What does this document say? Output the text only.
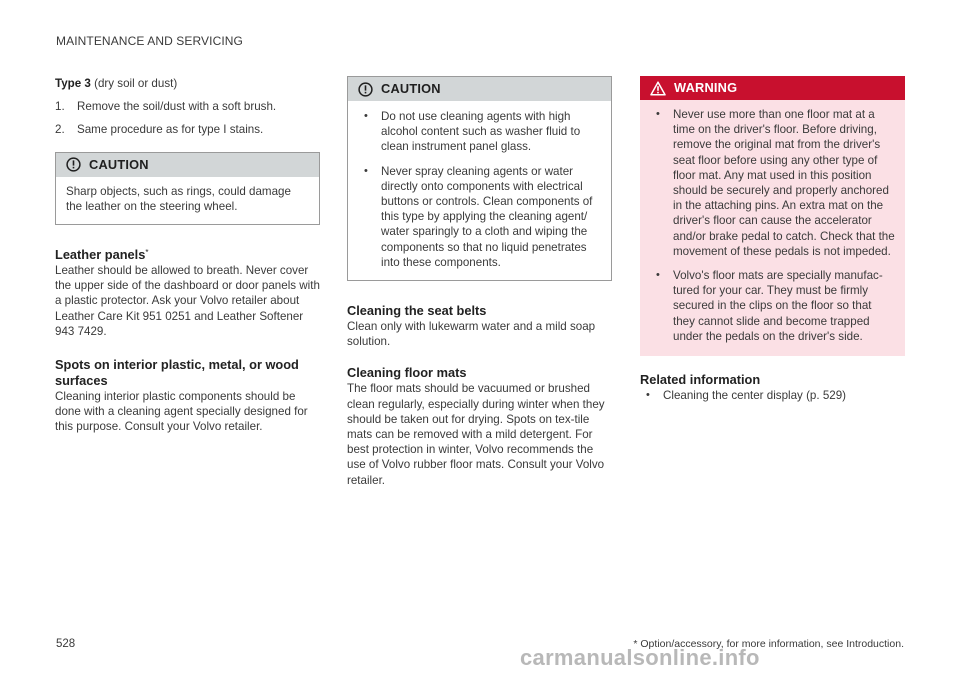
MAINTENANCE AND SERVICING

Type 3 (dry soil or dust)

1. Remove the soil/dust with a soft brush.
2. Same procedure as for type I stains.
CAUTION

Sharp objects, such as rings, could damage the leather on the steering wheel.

Leather panels*

Leather should be allowed to breath. Never cover the upper side of the dashboard or door panels with a plastic protector. Ask your Volvo retailer about Leather Care Kit 951 0251 and Leather Softener 943 7429.

Spots on interior plastic, metal, or wood surfaces

Cleaning interior plastic components should be done with a cleaning agent specially designed for this purpose. Consult your Volvo retailer.

CAUTION
• Do not use cleaning agents with high alcohol content such as washer fluid to clean instrument panel glass.
• Never spray cleaning agents or water directly onto components with electrical buttons or controls. Clean components of this type by applying the cleaning agent/ water sparingly to a cloth and wiping the components so that no liquid penetrates into these components.
Cleaning the seat belts

Clean only with lukewarm water and a mild soap solution.

Cleaning floor mats

The floor mats should be vacuumed or brushed clean regularly, especially during winter when they should be taken out for drying. Spots on tex-tile mats can be removed with a mild detergent. For best protection in winter, Volvo recommends the use of Volvo rubber floor mats. Consult your Volvo retailer.

WARNING
• Never use more than one floor mat at a time on the driver's floor. Before driving, remove the original mat from the driver's seat floor before using any other type of floor mat. Any mat used in this position should be securely and properly anchored in the attaching pins. An extra mat on the driver's floor can cause the accelerator and/or brake pedal to catch. Check that the movement of these pedals is not impeded.
• Volvo's floor mats are specially manufac-tured for your car. They must be firmly secured in the clips on the floor so that they cannot slide and become trapped under the pedals on the driver's side.
Related information
• Cleaning the center display (p. 529)
528	* Option/accessory, for more information, see Introduction.
carmanualsonline.info
